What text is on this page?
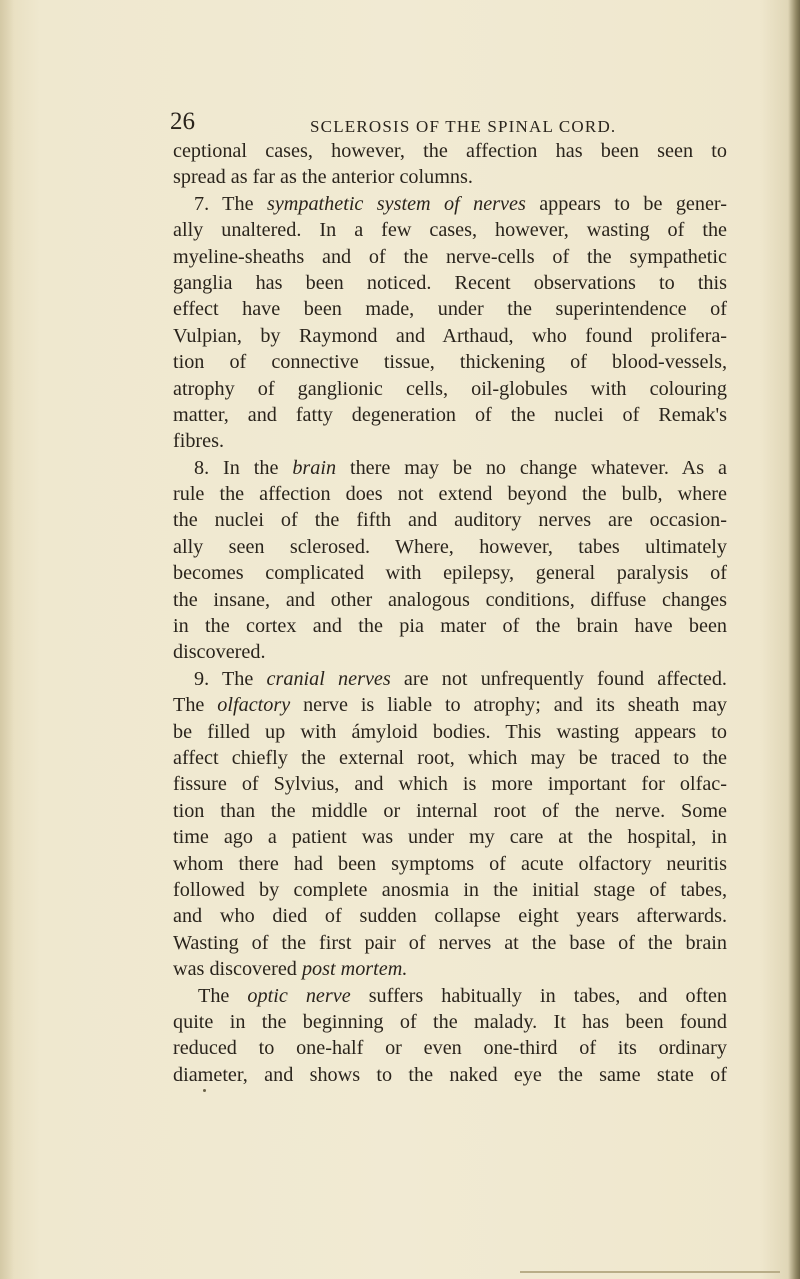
26	SCLEROSIS OF THE SPINAL CORD.
ceptional cases, however, the affection has been seen to
spread as far as the anterior columns.
7. The sympathetic system of nerves appears to be gener-
ally unaltered. In a few cases, however, wasting of the
myeline-sheaths and of the nerve-cells of the sympathetic
ganglia has been noticed. Recent observations to this
effect have been made, under the superintendence of
Vulpian, by Raymond and Arthaud, who found prolifera-
tion of connective tissue, thickening of blood-vessels,
atrophy of ganglionic cells, oil-globules with colouring
matter, and fatty degeneration of the nuclei of Remak's
fibres.
8. In the brain there may be no change whatever. As a
rule the affection does not extend beyond the bulb, where
the nuclei of the fifth and auditory nerves are occasion-
ally seen sclerosed. Where, however, tabes ultimately
becomes complicated with epilepsy, general paralysis of
the insane, and other analogous conditions, diffuse changes
in the cortex and the pia mater of the brain have been
discovered.
9. The cranial nerves are not unfrequently found affected.
The olfactory nerve is liable to atrophy; and its sheath may
be filled up with ámyloid bodies. This wasting appears to
affect chiefly the external root, which may be traced to the
fissure of Sylvius, and which is more important for olfac-
tion than the middle or internal root of the nerve. Some
time ago a patient was under my care at the hospital, in
whom there had been symptoms of acute olfactory neuritis
followed by complete anosmia in the initial stage of tabes,
and who died of sudden collapse eight years afterwards.
Wasting of the first pair of nerves at the base of the brain
was discovered post mortem.
The optic nerve suffers habitually in tabes, and often
quite in the beginning of the malady. It has been found
reduced to one-half or even one-third of its ordinary
diameter, and shows to the naked eye the same state of
